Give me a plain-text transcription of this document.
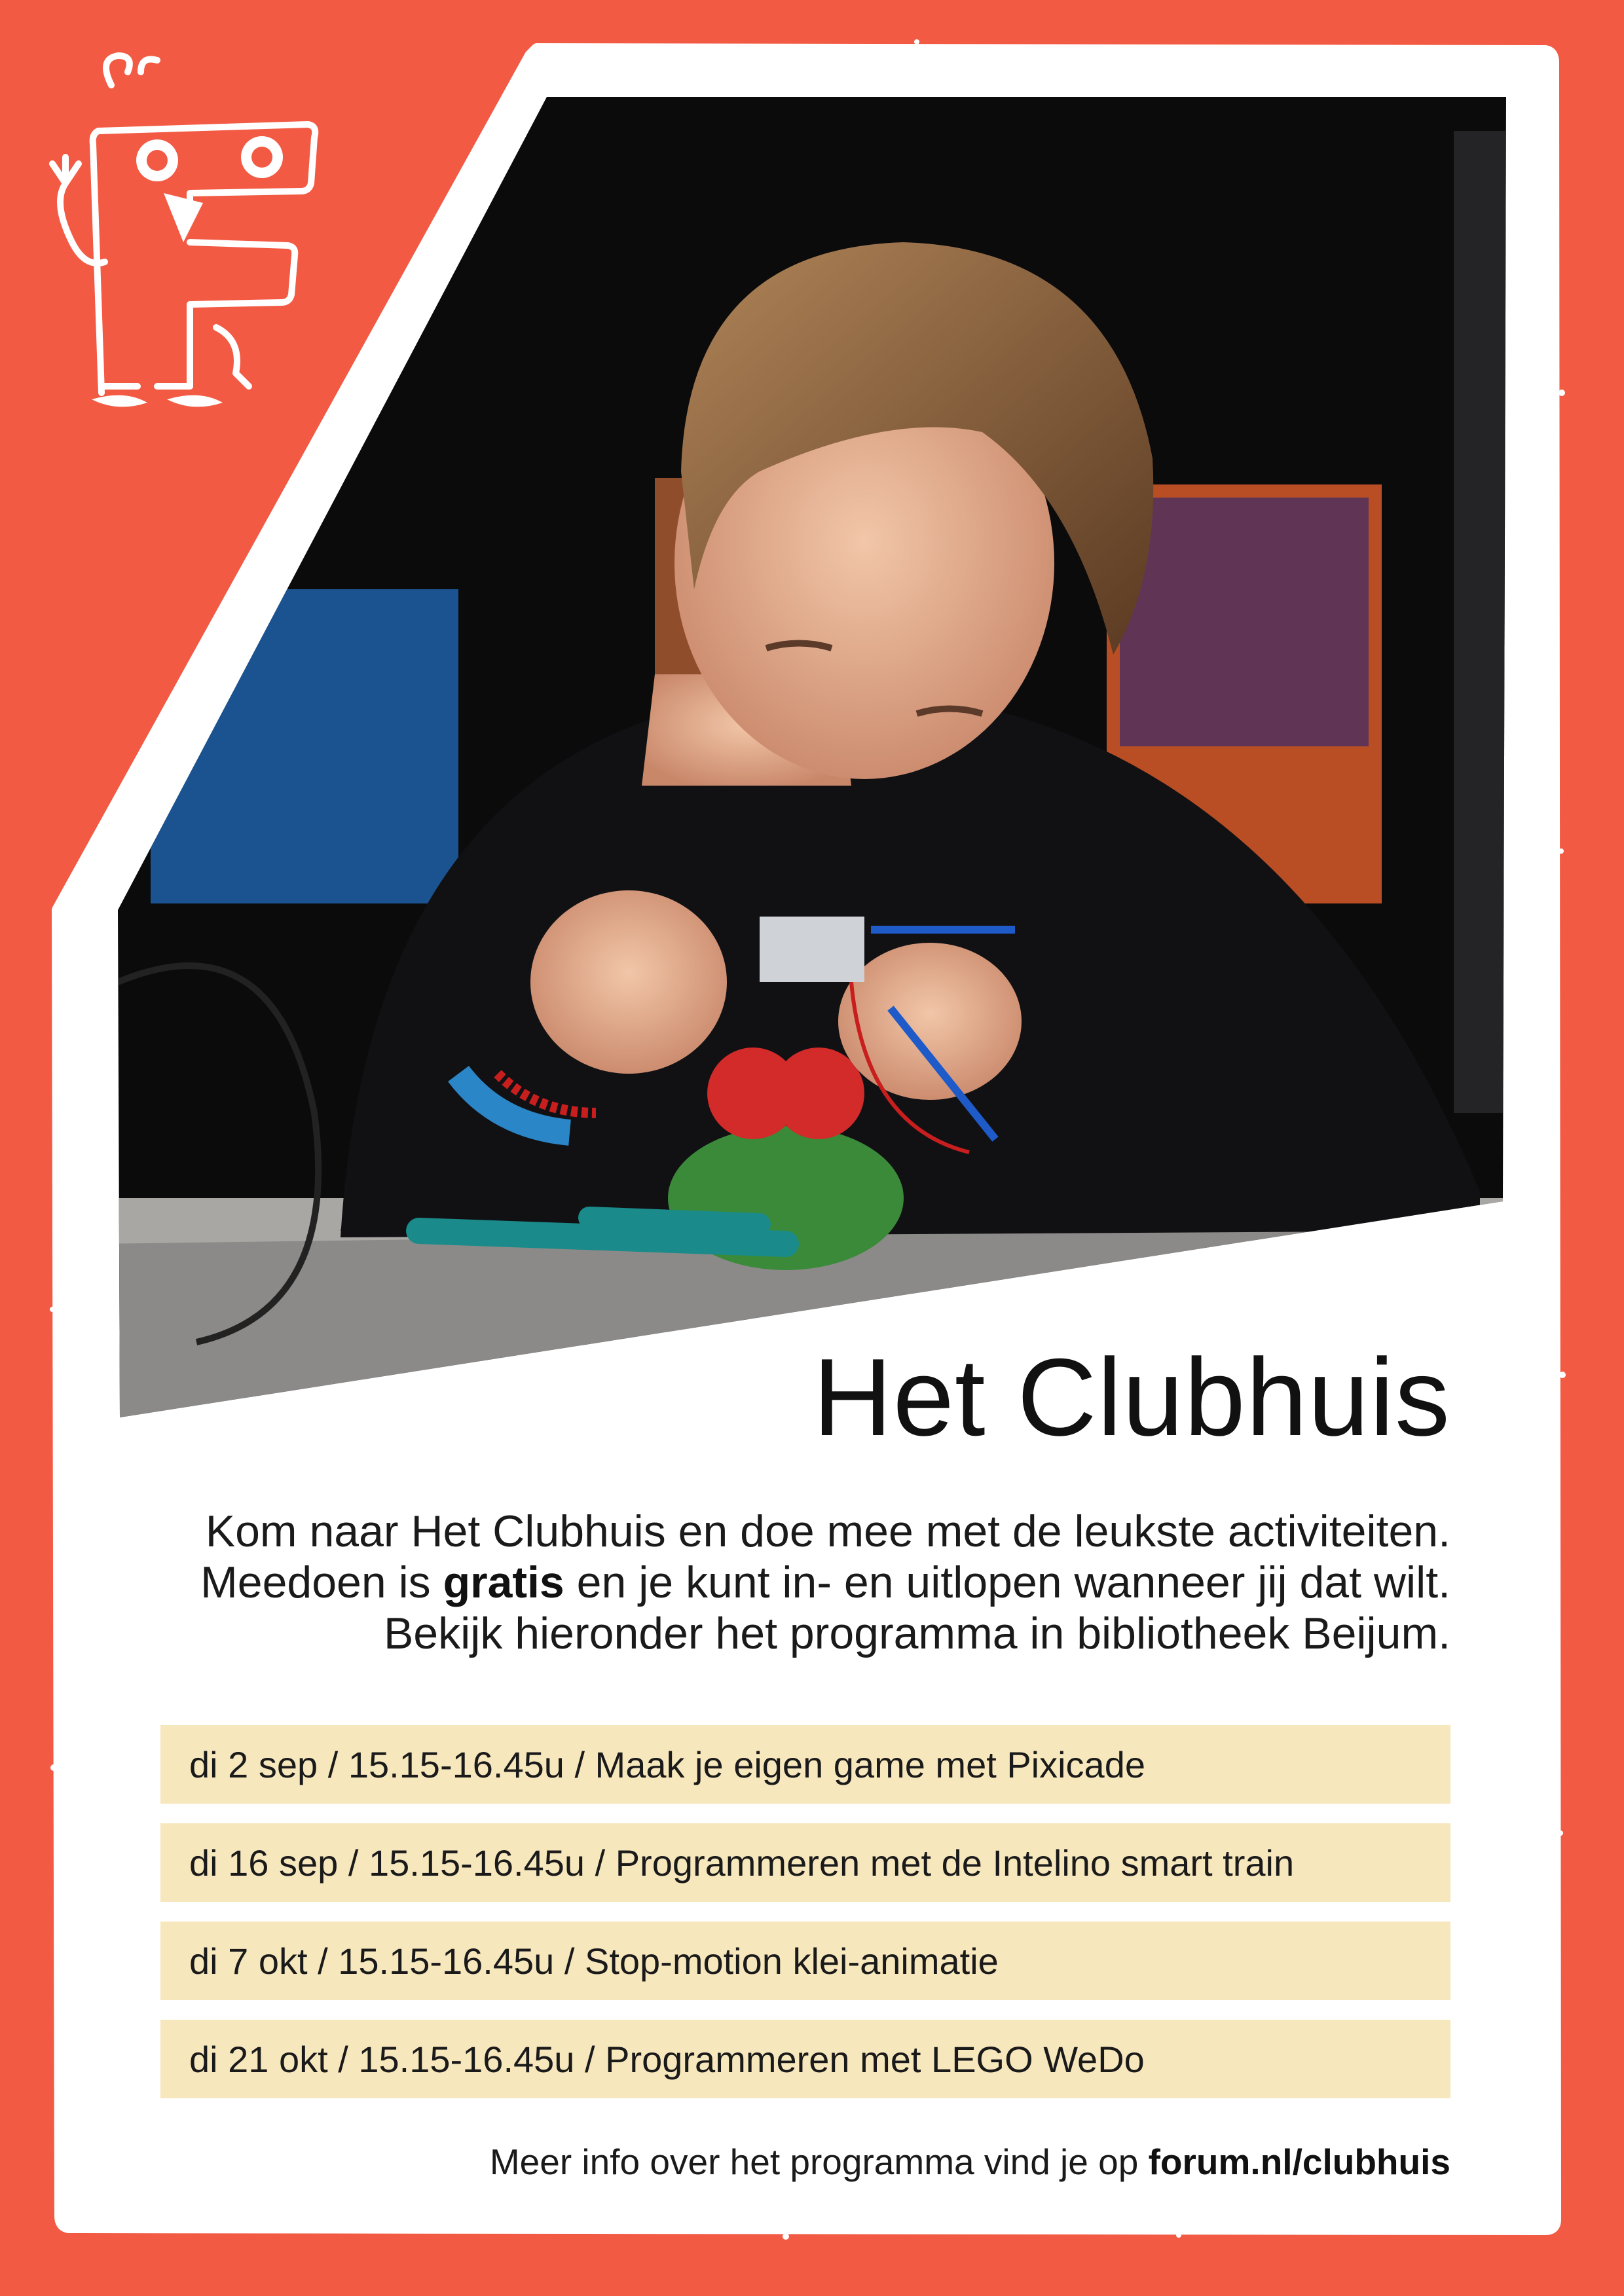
Het Clubhuis
Kom naar Het Clubhuis en doe mee met de leukste activiteiten.
Meedoen is gratis en je kunt in- en uitlopen wanneer jij dat wilt.
Bekijk hieronder het programma in bibliotheek Beijum.
di 2 sep / 15.15-16.45u / Maak je eigen game met Pixicade
di 16 sep / 15.15-16.45u / Programmeren met de Intelino smart train
di 7 okt / 15.15-16.45u / Stop-motion klei-animatie
di 21 okt / 15.15-16.45u / Programmeren met LEGO WeDo
Meer info over het programma vind je op forum.nl/clubhuis
